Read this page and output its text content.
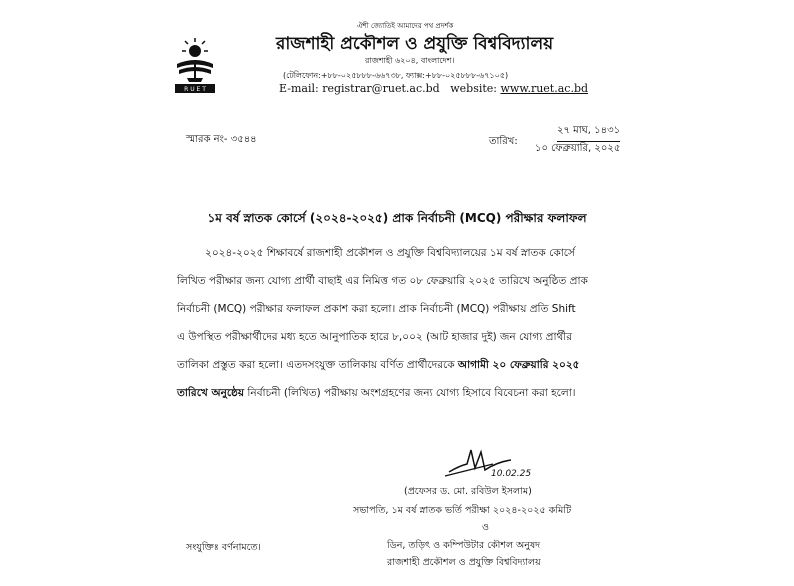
R U E T
ঐশী জ্যোতিই আমাদের পথ প্রদর্শক
রাজশাহী প্রকৌশল ও প্রযুক্তি বিশ্ববিদ্যালয়
রাজশাহী ৬২০৪, বাংলাদেশ।
(টেলিফোন:+৮৮-০২৫৮৮৮-৬৬৭৩৮, ফ্যাক্স:+৮৮-০২৫৮৮৮-৬৭১০৫)
E-mail: registrar@ruet.ac.bd website: www.ruet.ac.bd
স্মারক নং- ৩৫৪৪	তারিখ:
২৭ মাঘ, ১৪৩১
১০ ফেব্রুয়ারি, ২০২৫
১ম বর্ষ স্নাতক কোর্সে (২০২৪-২০২৫) প্রাক নির্বাচনী (MCQ) পরীক্ষার ফলাফল
২০২৪-২০২৫ শিক্ষাবর্ষে রাজশাহী প্রকৌশল ও প্রযুক্তি বিশ্ববিদ্যালয়ের ১ম বর্ষ স্নাতক কোর্সে
লিখিত পরীক্ষার জন্য যোগ্য প্রার্থী বাছাই এর নিমিত্ত গত ০৮ ফেব্রুয়ারি ২০২৫ তারিখে অনুষ্ঠিত প্রাক
নির্বাচনী (MCQ) পরীক্ষার ফলাফল প্রকাশ করা হলো। প্রাক নির্বাচনী (MCQ) পরীক্ষায় প্রতি Shift
এ উপস্থিত পরীক্ষার্থীদের মধ্য হতে আনুপাতিক হারে ৮,০০২ (আট হাজার দুই) জন যোগ্য প্রার্থীর
তালিকা প্রস্তুত করা হলো। এতদসংযুক্ত তালিকায় বর্ণিত প্রার্থীদেরকে আগামী ২০ ফেব্রুয়ারি ২০২৫
তারিখে অনুষ্ঠেয় নির্বাচনী (লিখিত) পরীক্ষায় অংশগ্রহণের জন্য যোগ্য হিসাবে বিবেচনা করা হলো।
10.02.25
(প্রফেসর ড. মো. রবিউল ইসলাম)
সভাপতি, ১ম বর্ষ স্নাতক ভর্তি পরীক্ষা ২০২৪-২০২৫ কমিটি
ও
ডিন, তড়িৎ ও কম্পিউটার কৌশল অনুষদ
রাজশাহী প্রকৌশল ও প্রযুক্তি বিশ্ববিদ্যালয়
সংযুক্তিঃ বর্ণনামতে।
